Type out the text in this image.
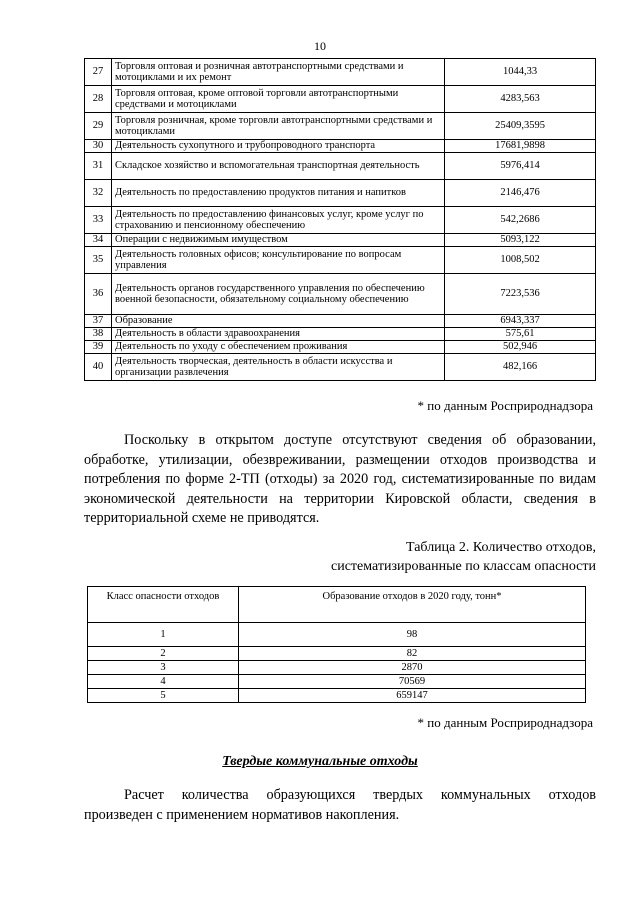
10
27	Торговля оптовая и розничная автотранспортными средствами и мотоциклами и их ремонт	1044,33
28	Торговля оптовая, кроме оптовой торговли автотранспортными средствами и мотоциклами	4283,563
29	Торговля розничная, кроме торговли автотранспортными средствами и мотоциклами	25409,3595
30	Деятельность сухопутного и трубопроводного транспорта	17681,9898
31	Складское хозяйство и вспомогательная транспортная деятельность	5976,414
32	Деятельность по предоставлению продуктов питания и напитков	2146,476
33	Деятельность по предоставлению финансовых услуг, кроме услуг по страхованию и пенсионному обеспечению	542,2686
34	Операции с недвижимым имуществом	5093,122
35	Деятельность головных офисов; консультирование по вопросам управления	1008,502
36	Деятельность органов государственного управления по обеспечению военной безопасности, обязательному социальному обеспечению	7223,536
37	Образование	6943,337
38	Деятельность в области здравоохранения	575,61
39	Деятельность по уходу с обеспечением проживания	502,946
40	Деятельность творческая, деятельность в области искусства и организации развлечения	482,166
* по данным Росприроднадзора

Поскольку в открытом доступе отсутствуют сведения об образовании, обработке, утилизации, обезвреживании, размещении отходов производства и потребления по форме 2-ТП (отходы) за 2020 год, систематизированные по видам экономической деятельности на территории Кировской области, сведения в территориальной схеме не приводятся.

Таблица 2. Количество отходов, систематизированные по классам опасности
Класс опасности отходов	Образование отходов в 2020 году, тонн*
1	98
2	82
3	2870
4	70569
5	659147
* по данным Росприроднадзора
Твердые коммунальные отходы

Расчет количества образующихся твердых коммунальных отходов произведен с применением нормативов накопления.
